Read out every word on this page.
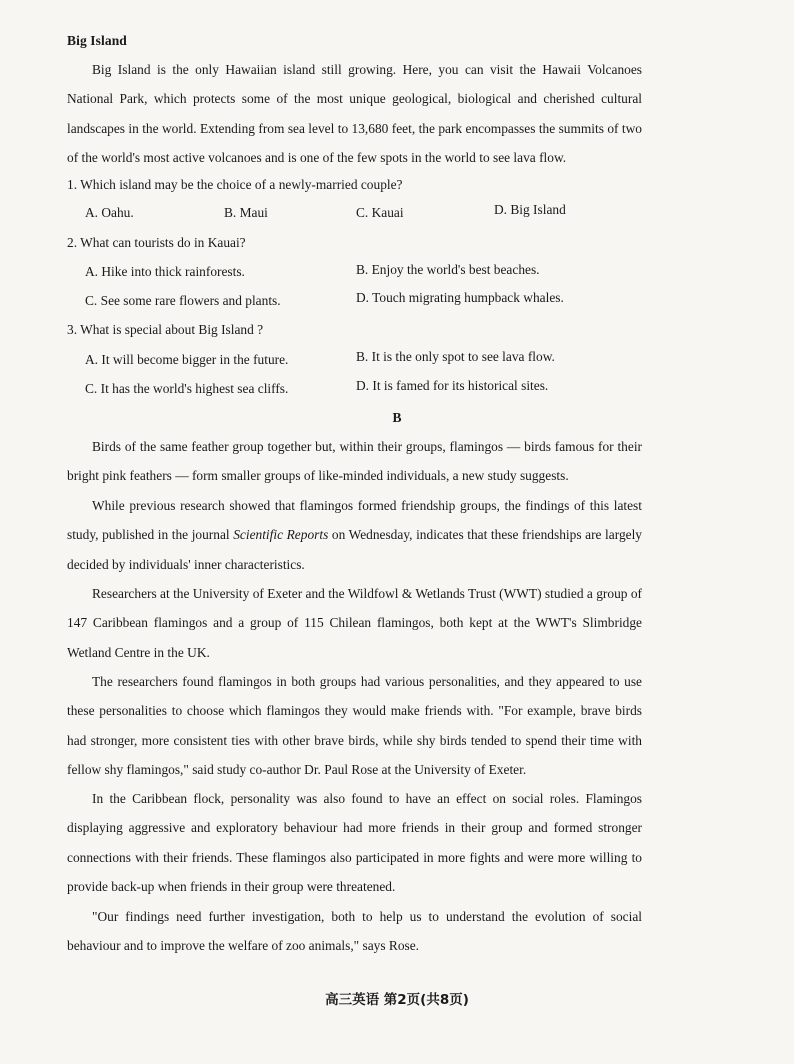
Big Island

Big Island is the only Hawaiian island still growing. Here, you can visit the Hawaii Volcanoes National Park, which protects some of the most unique geological, biological and cherished cultural landscapes in the world. Extending from sea level to 13,680 feet, the park encompasses the summits of two of the world's most active volcanoes and is one of the few spots in the world to see lava flow.

1. Which island may be the choice of a newly-married couple?
A. Oahu.	B. Maui	C. Kauai	D. Big Island
2. What can tourists do in Kauai?
A. Hike into thick rainforests.	B. Enjoy the world's best beaches.
C. See some rare flowers and plants.	D. Touch migrating humpback whales.
3. What is special about Big Island ?
A. It will become bigger in the future.	B. It is the only spot to see lava flow.
C. It has the world's highest sea cliffs.	D. It is famed for its historical sites.
B

Birds of the same feather group together but, within their groups, flamingos — birds famous for their bright pink feathers — form smaller groups of like-minded individuals, a new study suggests.

While previous research showed that flamingos formed friendship groups, the findings of this latest study, published in the journal Scientific Reports on Wednesday, indicates that these friendships are largely decided by individuals' inner characteristics.

Researchers at the University of Exeter and the Wildfowl & Wetlands Trust (WWT) studied a group of 147 Caribbean flamingos and a group of 115 Chilean flamingos, both kept at the WWT's Slimbridge Wetland Centre in the UK.

The researchers found flamingos in both groups had various personalities, and they appeared to use these personalities to choose which flamingos they would make friends with. "For example, brave birds had stronger, more consistent ties with other brave birds, while shy birds tended to spend their time with fellow shy flamingos," said study co-author Dr. Paul Rose at the University of Exeter.

In the Caribbean flock, personality was also found to have an effect on social roles. Flamingos displaying aggressive and exploratory behaviour had more friends in their group and formed stronger connections with their friends. These flamingos also participated in more fights and were more willing to provide back-up when friends in their group were threatened.

"Our findings need further investigation, both to help us to understand the evolution of social behaviour and to improve the welfare of zoo animals," says Rose.

高三英语 第2页(共8页)
